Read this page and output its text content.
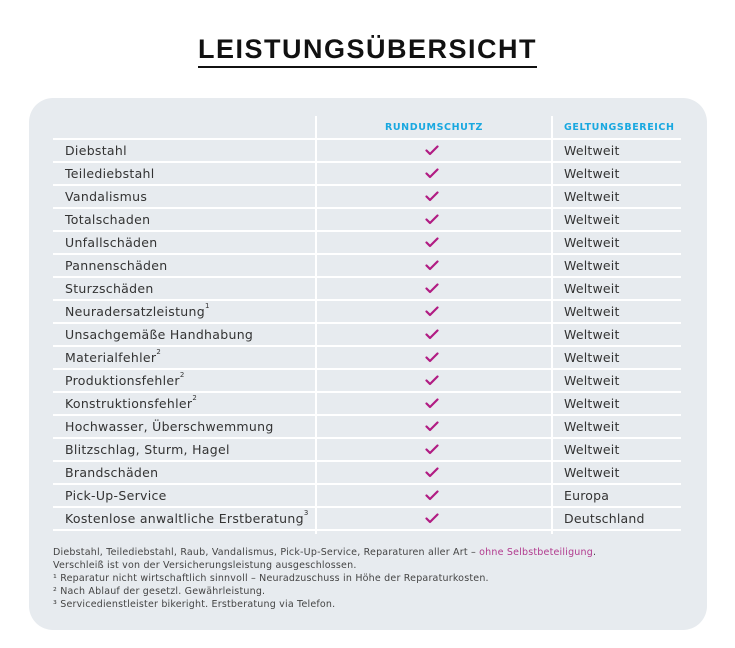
LEISTUNGSÜBERSICHT
RUNDUMSCHUTZ	GELTUNGSBEREICH
Diebstahl	Weltweit
Teilediebstahl	Weltweit
Vandalismus	Weltweit
Totalschaden	Weltweit
Unfallschäden	Weltweit
Pannenschäden	Weltweit
Sturzschäden	Weltweit
Neuradersatzleistung$^1$	Weltweit
Unsachgemäße Handhabung	Weltweit
Materialfehler$^2$	Weltweit
Produktionsfehler$^2$	Weltweit
Konstruktionsfehler$^2$	Weltweit
Hochwasser, Überschwemmung	Weltweit
Blitzschlag, Sturm, Hagel	Weltweit
Brandschäden	Weltweit
Pick-Up-Service	Europa
Kostenlose anwaltliche Erstberatung$^3$	Deutschland

Diebstahl, Teilediebstahl, Raub, Vandalismus, Pick-Up-Service, Reparaturen aller Art – ohne Selbstbeteiligung.

Verschleiß ist von der Versicherungsleistung ausgeschlossen.

¹ Reparatur nicht wirtschaftlich sinnvoll – Neuradzuschuss in Höhe der Reparaturkosten.

² Nach Ablauf der gesetzl. Gewährleistung.

³ Servicedienstleister bikeright. Erstberatung via Telefon.
